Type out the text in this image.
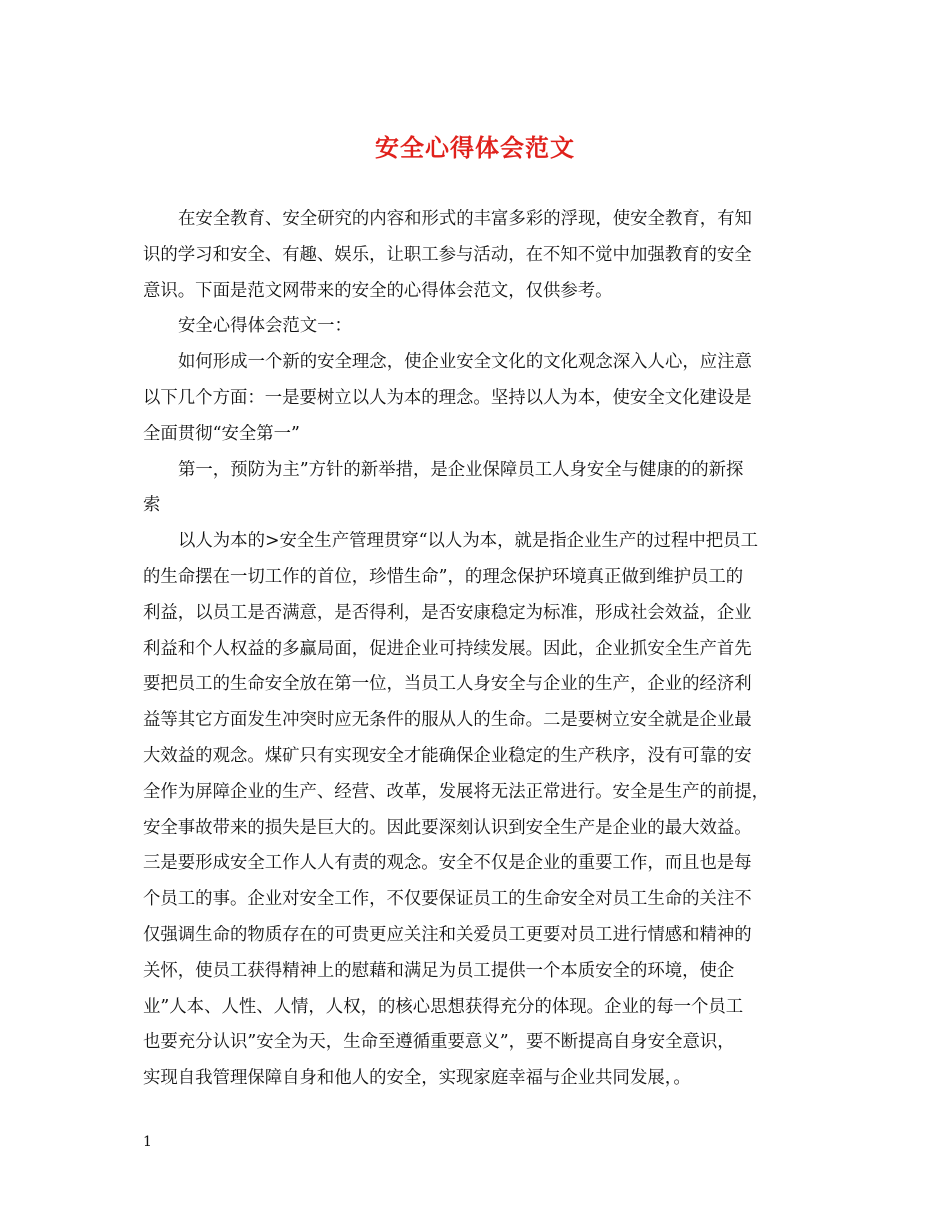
安全心得体会范文
在安全教育、安全研究的内容和形式的丰富多彩的浮现，使安全教育，有知
识的学习和安全、有趣、娱乐，让职工参与活动，在不知不觉中加强教育的安全
意识。下面是范文网带来的安全的心得体会范文，仅供参考。
安全心得体会范文一：
如何形成一个新的安全理念，使企业安全文化的文化观念深入人心，应注意
以下几个方面：一是要树立以人为本的理念。坚持以人为本，使安全文化建设是
全面贯彻“安全第一”
第一，预防为主”方针的新举措，是企业保障员工人身安全与健康的的新探
索
以人为本的>安全生产管理贯穿“以人为本，就是指企业生产的过程中把员工
的生命摆在一切工作的首位，珍惜生命”，的理念保护环境真正做到维护员工的
利益，以员工是否满意，是否得利，是否安康稳定为标准，形成社会效益，企业
利益和个人权益的多赢局面，促进企业可持续发展。因此，企业抓安全生产首先
要把员工的生命安全放在第一位，当员工人身安全与企业的生产，企业的经济利
益等其它方面发生冲突时应无条件的服从人的生命。二是要树立安全就是企业最
大效益的观念。煤矿只有实现安全才能确保企业稳定的生产秩序，没有可靠的安
全作为屏障企业的生产、经营、改革，发展将无法正常进行。安全是生产的前提，
安全事故带来的损失是巨大的。因此要深刻认识到安全生产是企业的最大效益。
三是要形成安全工作人人有责的观念。安全不仅是企业的重要工作，而且也是每
个员工的事。企业对安全工作，不仅要保证员工的生命安全对员工生命的关注不
仅强调生命的物质存在的可贵更应关注和关爱员工更要对员工进行情感和精神的
关怀，使员工获得精神上的慰藉和满足为员工提供一个本质安全的环境，使企
业”人本、人性、人情，人权，的核心思想获得充分的体现。企业的每一个员工
也要充分认识”安全为天，生命至遵循重要意义”，要不断提高自身安全意识，
实现自我管理保障自身和他人的安全，实现家庭幸福与企业共同发展，。
1
